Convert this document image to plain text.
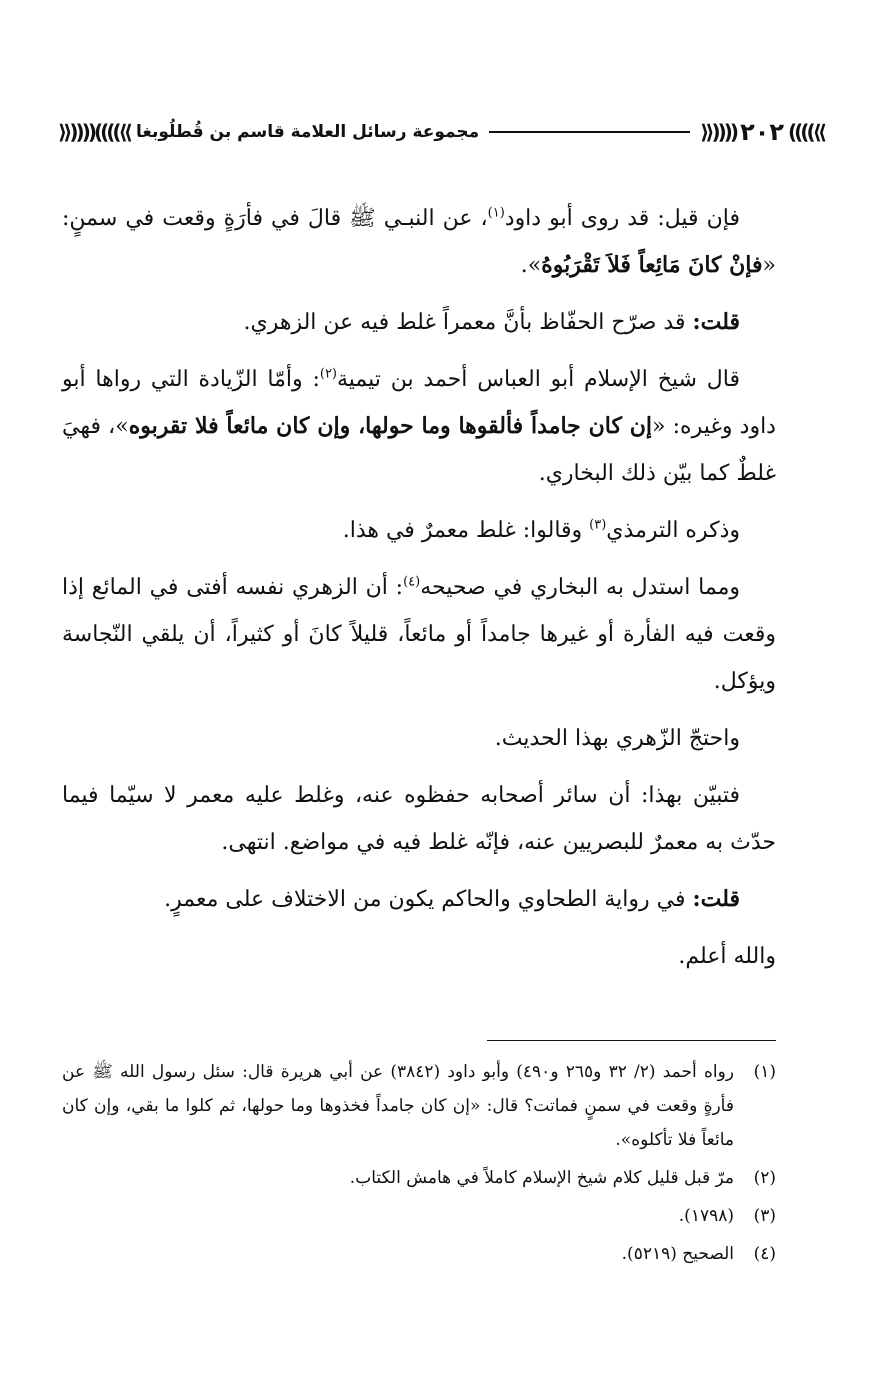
⟫))))
٢٠٢
((((⟪
مجموعة رسائل العلامة قاسم بن قُطلُوبغا
⟫))))
((((⟪

فإن قيل: قد روى أبو داود$^{(١)}$، عن النبـي ﷺ قالَ في فأرَةٍ وقعت في سمنٍ: «فإنْ كانَ مَائِعاً فَلاَ تَقْرَبُوهُ».

قلت: قد صرّح الحفّاظ بأنَّ معمراً غلط فيه عن الزهري.

قال شيخ الإسلام أبو العباس أحمد بن تيمية$^{(٢)}$: وأمّا الزّيادة التي رواها أبو داود وغيره: «إن كان جامداً فألقوها وما حولها، وإن كان مائعاً فلا تقربوه»، فهيَ غلطٌ كما بيّن ذلك البخاري.

وذكره الترمذي$^{(٣)}$ وقالوا: غلط معمرٌ في هذا.

ومما استدل به البخاري في صحيحه$^{(٤)}$: أن الزهري نفسه أفتى في المائع إذا وقعت فيه الفأرة أو غيرها جامداً أو مائعاً، قليلاً كانَ أو كثيراً، أن يلقي النّجاسة ويؤكل.

واحتجّ الزّهري بهذا الحديث.

فتبيّن بهذا: أن سائر أصحابه حفظوه عنه، وغلط عليه معمر لا سيّما فيما حدّث به معمرٌ للبصريين عنه، فإنّه غلط فيه في مواضع. انتهى.

قلت: في رواية الطحاوي والحاكم يكون من الاختلاف على معمرٍ.

والله أعلم.

(١)
رواه أحمد (٢/ ٣٢ و٢٦٥ و٤٩٠) وأبو داود (٣٨٤٢) عن أبي هريرة قال: سئل رسول الله ﷺ عن فأرةٍ وقعت في سمنٍ فماتت؟ قال: «إن كان جامداً فخذوها وما حولها، ثم كلوا ما بقي، وإن كان مائعاً فلا تأكلوه».
(٢)
مرّ قبل قليل كلام شيخ الإسلام كاملاً في هامش الكتاب.
(٣)
(١٧٩٨).
(٤)
الصحيح (٥٢١٩).
